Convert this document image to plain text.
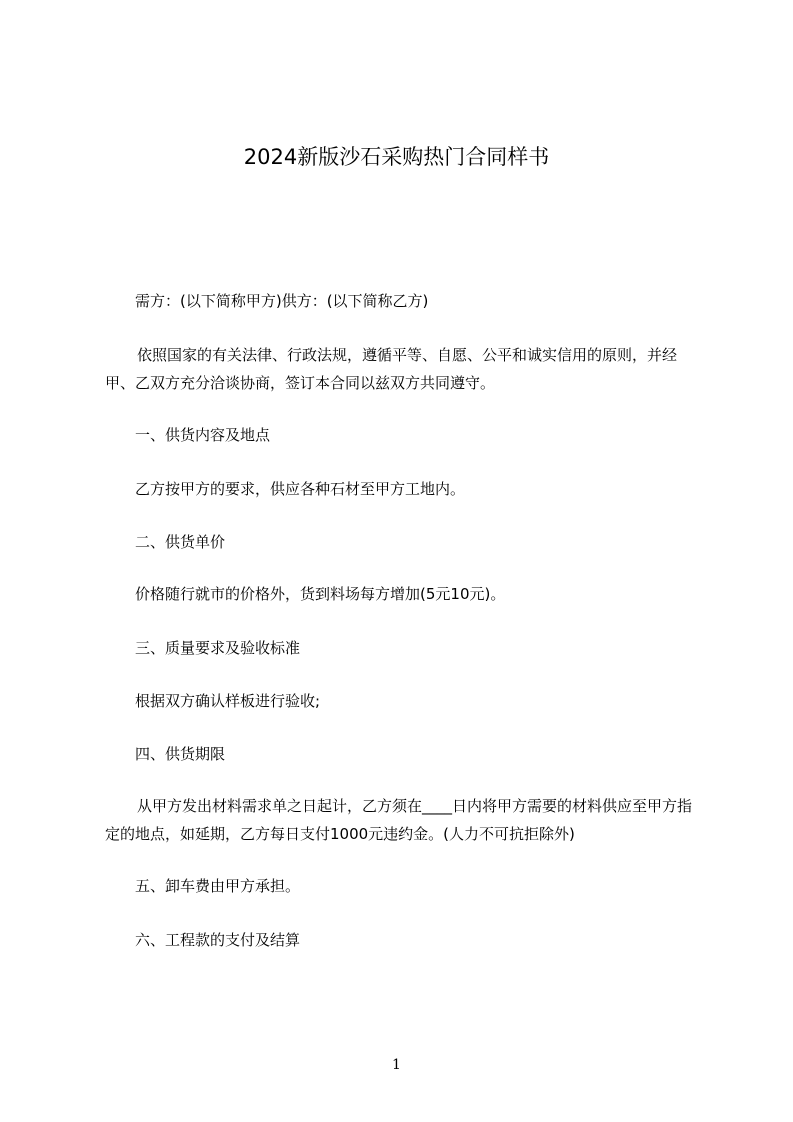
2024新版沙石采购热门合同样书
需方：(以下简称甲方)供方：(以下简称乙方)
依照国家的有关法律、行政法规，遵循平等、自愿、公平和诚实信用的原则，并经甲、乙双方充分洽谈协商，签订本合同以兹双方共同遵守。
一、供货内容及地点
乙方按甲方的要求，供应各种石材至甲方工地内。
二、供货单价
价格随行就市的价格外，货到料场每方增加(5元10元)。
三、质量要求及验收标准
根据双方确认样板进行验收;
四、供货期限
从甲方发出材料需求单之日起计，乙方须在____日内将甲方需要的材料供应至甲方指定的地点，如延期，乙方每日支付1000元违约金。(人力不可抗拒除外)
五、卸车费由甲方承担。
六、工程款的支付及结算
1
